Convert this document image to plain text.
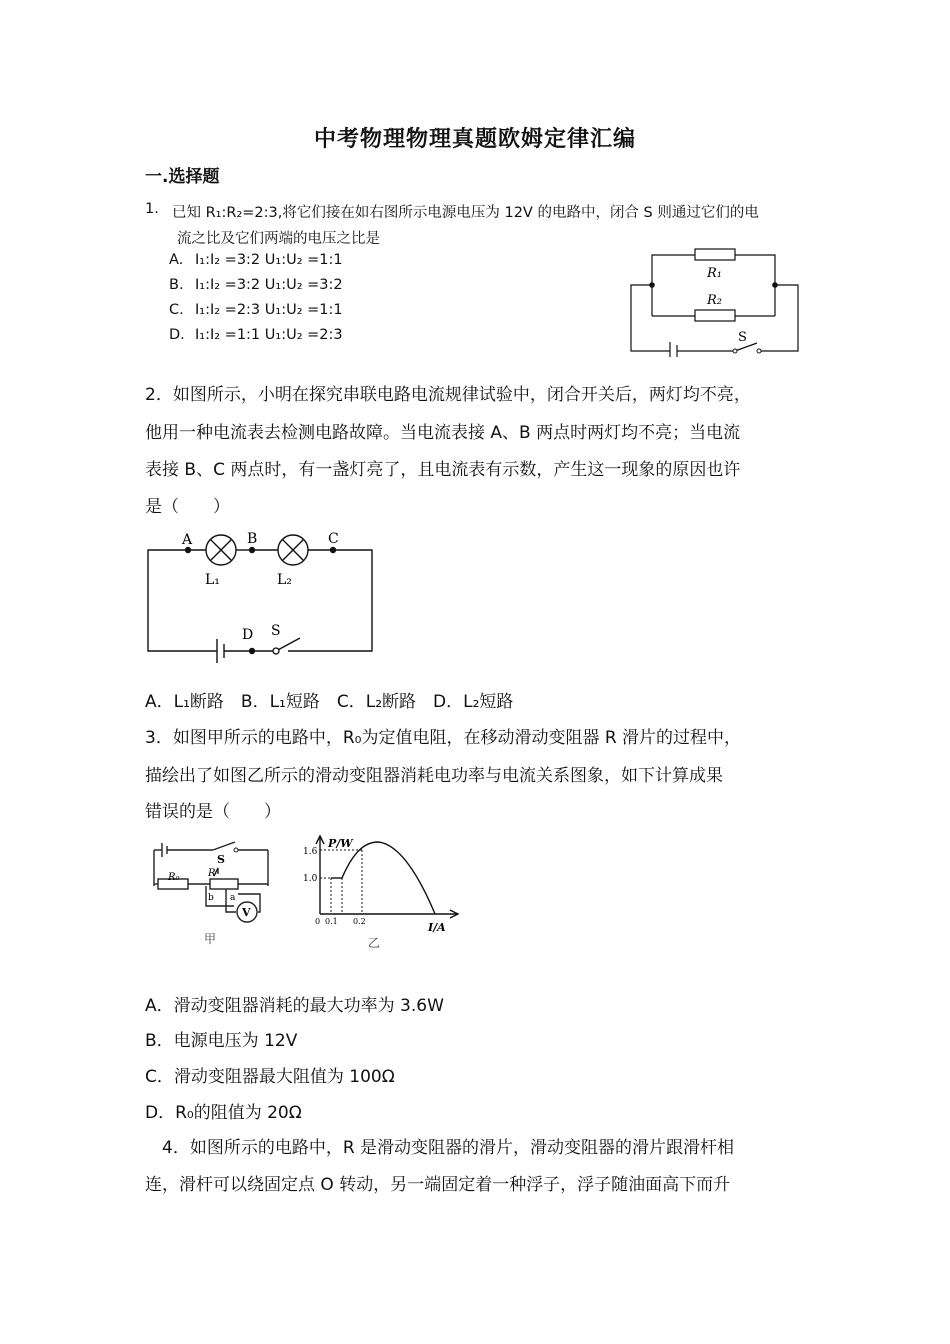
中考物理物理真题欧姆定律汇编
一.选择题
1. 已知 R₁:R₂=2:3,将它们接在如右图所示电源电压为 12V 的电路中，闭合 S 则通过它们的电
流之比及它们两端的电压之比是
A. I₁:I₂ =3:2 U₁:U₂ =1:1
B. I₁:I₂ =3:2 U₁:U₂ =3:2
C. I₁:I₂ =2:3 U₁:U₂ =1:1
D. I₁:I₂ =1:1 U₁:U₂ =2:3
R₁
R₂
S
2．如图所示，小明在探究串联电路电流规律试验中，闭合开关后，两灯均不亮，
他用一种电流表去检测电路故障。当电流表接 A、B 两点时两灯均不亮；当电流
表接 B、C 两点时，有一盏灯亮了，且电流表有示数，产生这一现象的原因也许
是（　　）
A	B	C
L₁	L₂
D S
A．L₁断路　B．L₁短路　C．L₂断路　D．L₂短路
3．如图甲所示的电路中，R₀为定值电阻，在移动滑动变阻器 R 滑片的过程中，
描绘出了如图乙所示的滑动变阻器消耗电功率与电流关系图象，如下计算成果
错误的是（　　）
S
R₀	R
b a
V
甲
P/W
1.6
1.0
0 0.1 0.2	I/A
乙
A．滑动变阻器消耗的最大功率为 3.6W
B．电源电压为 12V
C．滑动变阻器最大阻值为 100Ω
D．R₀的阻值为 20Ω
　4．如图所示的电路中，R 是滑动变阻器的滑片，滑动变阻器的滑片跟滑杆相
连，滑杆可以绕固定点 O 转动，另一端固定着一种浮子，浮子随油面高下而升
